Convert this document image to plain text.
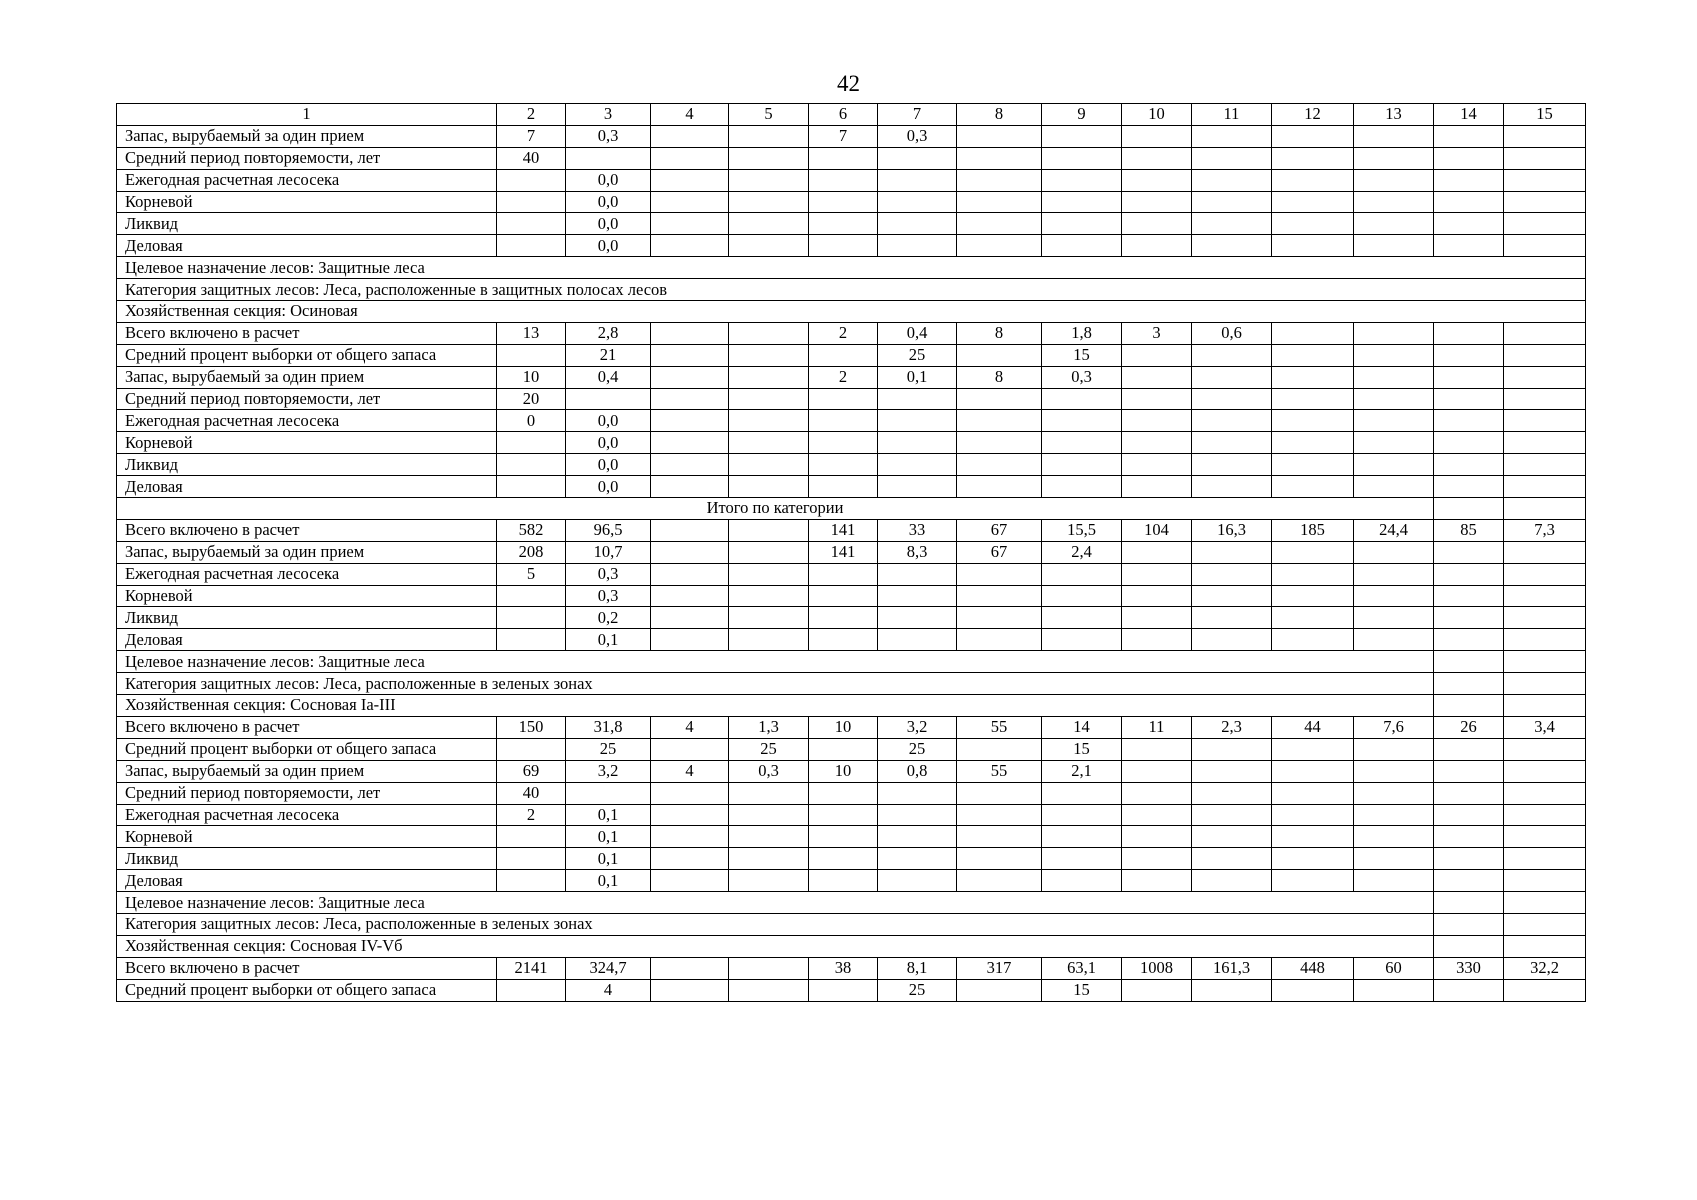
42
1	2	3	4	5	6	7	8	9	10	11	12	13	14	15
Запас, вырубаемый за один прием	7	0,3			7	0,3								
Средний период повторяемости, лет	40													
Ежегодная расчетная лесосека		0,0												
Корневой		0,0												
Ликвид		0,0												
Деловая		0,0												
Целевое назначение лесов: Защитные леса														
Категория защитных лесов: Леса, расположенные в защитных полосах лесов														
Хозяйственная секция: Осиновая														
Всего включено в расчет	13	2,8			2	0,4	8	1,8	3	0,6				
Средний процент выборки от общего запаса		21				25		15						
Запас, вырубаемый за один прием	10	0,4			2	0,1	8	0,3						
Средний период повторяемости, лет	20													
Ежегодная расчетная лесосека	0	0,0												
Корневой		0,0												
Ликвид		0,0												
Деловая		0,0												
Итого по категории														
Всего включено в расчет	582	96,5			141	33	67	15,5	104	16,3	185	24,4	85	7,3
Запас, вырубаемый за один прием	208	10,7			141	8,3	67	2,4						
Ежегодная расчетная лесосека	5	0,3												
Корневой		0,3												
Ликвид		0,2												
Деловая		0,1												
Целевое назначение лесов: Защитные леса														
Категория защитных лесов: Леса, расположенные в зеленых зонах														
Хозяйственная секция: Сосновая Ia-III														
Всего включено в расчет	150	31,8	4	1,3	10	3,2	55	14	11	2,3	44	7,6	26	3,4
Средний процент выборки от общего запаса		25		25		25		15						
Запас, вырубаемый за один прием	69	3,2	4	0,3	10	0,8	55	2,1						
Средний период повторяемости, лет	40													
Ежегодная расчетная лесосека	2	0,1												
Корневой		0,1												
Ликвид		0,1												
Деловая		0,1												
Целевое назначение лесов: Защитные леса														
Категория защитных лесов: Леса, расположенные в зеленых зонах														
Хозяйственная секция: Сосновая IV-Vб														
Всего включено в расчет	2141	324,7			38	8,1	317	63,1	1008	161,3	448	60	330	32,2
Средний процент выборки от общего запаса		4				25		15						
